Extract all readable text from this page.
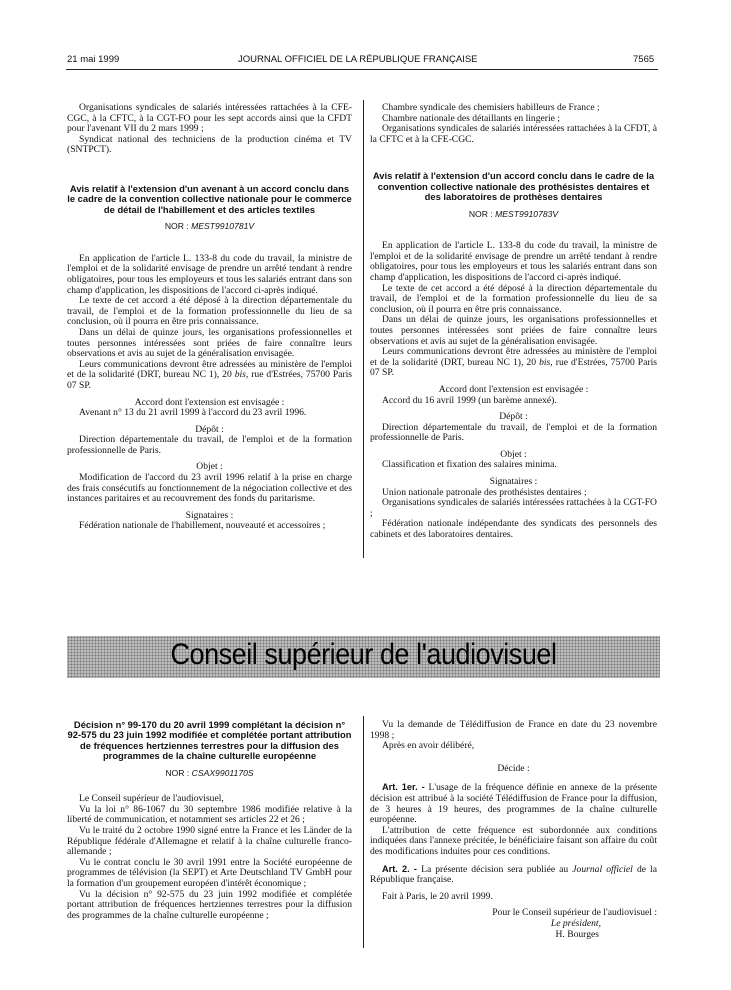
21 mai 1999	JOURNAL OFFICIEL DE LA RÉPUBLIQUE FRANÇAISE	7565

Organisations syndicales de salariés intéressées rattachées à la CFE-CGC, à la CFTC, à la CGT-FO pour les sept accords ainsi que la CFDT pour l'avenant VII du 2 mars 1999 ;

Syndicat national des techniciens de la production cinéma et TV (SNTPCT).

Avis relatif à l'extension d'un avenant à un accord conclu dans le cadre de la convention collective nationale pour le commerce de détail de l'habillement et des articles textiles

NOR : MEST9910781V

En application de l'article L. 133-8 du code du travail, la ministre de l'emploi et de la solidarité envisage de prendre un arrêté tendant à rendre obligatoires, pour tous les employeurs et tous les salariés entrant dans son champ d'application, les dispositions de l'accord ci-après indiqué.

Le texte de cet accord a été déposé à la direction départementale du travail, de l'emploi et de la formation professionnelle du lieu de sa conclusion, où il pourra en être pris connaissance.

Dans un délai de quinze jours, les organisations professionnelles et toutes personnes intéressées sont priées de faire connaître leurs observations et avis au sujet de la généralisation envisagée.

Leurs communications devront être adressées au ministère de l'emploi et de la solidarité (DRT, bureau NC 1), 20 bis, rue d'Estrées, 75700 Paris 07 SP.

Accord dont l'extension est envisagée :

Avenant n° 13 du 21 avril 1999 à l'accord du 23 avril 1996.

Dépôt :

Direction départementale du travail, de l'emploi et de la formation professionnelle de Paris.

Objet :

Modification de l'accord du 23 avril 1996 relatif à la prise en charge des frais consécutifs au fonctionnement de la négociation collective et des instances paritaires et au recouvrement des fonds du paritarisme.

Signataires :

Fédération nationale de l'habillement, nouveauté et accessoires ;

Chambre syndicale des chemisiers habilleurs de France ;

Chambre nationale des détaillants en lingerie ;

Organisations syndicales de salariés intéressées rattachées à la CFDT, à la CFTC et à la CFE-CGC.

Avis relatif à l'extension d'un accord conclu dans le cadre de la convention collective nationale des prothésistes dentaires et des laboratoires de prothèses dentaires

NOR : MEST9910783V

En application de l'article L. 133-8 du code du travail, la ministre de l'emploi et de la solidarité envisage de prendre un arrêté tendant à rendre obligatoires, pour tous les employeurs et tous les salariés entrant dans son champ d'application, les dispositions de l'accord ci-après indiqué.

Le texte de cet accord a été déposé à la direction départementale du travail, de l'emploi et de la formation professionnelle du lieu de sa conclusion, où il pourra en être pris connaissance.

Dans un délai de quinze jours, les organisations professionnelles et toutes personnes intéressées sont priées de faire connaître leurs observations et avis au sujet de la généralisation envisagée.

Leurs communications devront être adressées au ministère de l'emploi et de la solidarité (DRT, bureau NC 1), 20 bis, rue d'Estrées, 75700 Paris 07 SP.

Accord dont l'extension est envisagée :

Accord du 16 avril 1999 (un barème annexé).

Dépôt :

Direction départementale du travail, de l'emploi et de la formation professionnelle de Paris.

Objet :

Classification et fixation des salaires minima.

Signataires :

Union nationale patronale des prothésistes dentaires ;

Organisations syndicales de salariés intéressées rattachées à la CGT-FO ;

Fédération nationale indépendante des syndicats des personnels des cabinets et des laboratoires dentaires.

Conseil supérieur de l'audiovisuel

Décision n° 99-170 du 20 avril 1999 complétant la décision n° 92-575 du 23 juin 1992 modifiée et complétée portant attribution de fréquences hertziennes terrestres pour la diffusion des programmes de la chaîne culturelle européenne

NOR : CSAX9901170S

Le Conseil supérieur de l'audiovisuel,

Vu la loi n° 86-1067 du 30 septembre 1986 modifiée relative à la liberté de communication, et notamment ses articles 22 et 26 ;

Vu le traité du 2 octobre 1990 signé entre la France et les Länder de la République fédérale d'Allemagne et relatif à la chaîne culturelle franco-allemande ;

Vu le contrat conclu le 30 avril 1991 entre la Société européenne de programmes de télévision (la SEPT) et Arte Deutschland TV GmbH pour la formation d'un groupement européen d'intérêt économique ;

Vu la décision n° 92-575 du 23 juin 1992 modifiée et complétée portant attribution de fréquences hertziennes terrestres pour la diffusion des programmes de la chaîne culturelle européenne ;

Vu la demande de Télédiffusion de France en date du 23 novembre 1998 ;

Après en avoir délibéré,

Décide :

Art. 1er. - L'usage de la fréquence définie en annexe de la présente décision est attribué à la société Télédiffusion de France pour la diffusion, de 3 heures à 19 heures, des programmes de la chaîne culturelle européenne.

L'attribution de cette fréquence est subordonnée aux conditions indiquées dans l'annexe précitée, le bénéficiaire faisant son affaire du coût des modifications induites pour ces conditions.

Art. 2. - La présente décision sera publiée au Journal officiel de la République française.

Fait à Paris, le 20 avril 1999.

Pour le Conseil supérieur de l'audiovisuel :

Le président,

H. Bourges
